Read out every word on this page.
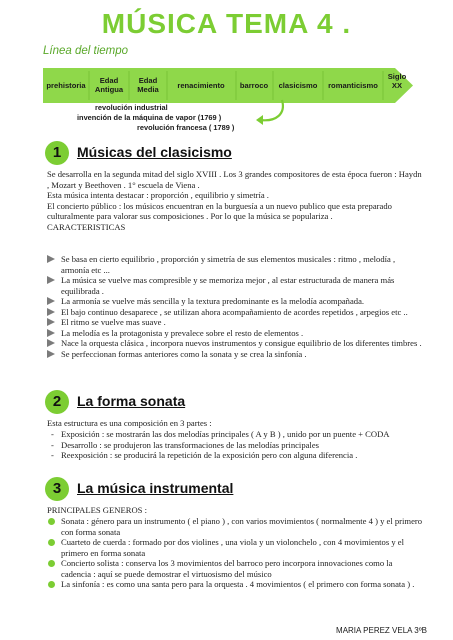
MÚSICA TEMA 4 .
Línea del tiempo
prehistoria
Edad
Antigua
Edad
Media renacimiento barroco clasicismo romanticismo
Siglo
XX
revolución industrial
invención de la máquina de vapor (1769 )
revolución francesa ( 1789 )
1	Músicas del clasicismo

Se desarrolla en la segunda mitad del siglo XVIII . Los 3 grandes compositores de esta época fueron : Haydn , Mozart y Beethoven . 1° escuela de Viena .

Esta música intenta destacar : proporción , equilibrio y simetría .

El concierto público : los músicos encuentran en la burguesía a un nuevo publico que esta preparado culturalmente para valorar sus composiciones . Por lo que la música se populariza .

CARACTERISTICAS

Se basa en cierto equilibrio , proporción y simetría de sus elementos musicales : ritmo , melodía , armonía etc ...
La música se vuelve mas compresible y se memoriza mejor , al estar estructurada de manera más equilibrada .
La armonía se vuelve más sencilla y la textura predominante es la melodía acompañada.
El bajo continuo desaparece , se utilizan ahora acompañamiento de acordes repetidos , arpegios etc ..
El ritmo se vuelve mas suave .
La melodía es la protagonista y prevalece sobre el resto de elementos .
Nace la orquesta clásica , incorpora nuevos instrumentos y consigue equilibrio de los diferentes timbres .
Se perfeccionan formas anteriores como la sonata y se crea la sinfonía .
2	La forma sonata
Esta estructura es una composición en 3 partes :
- Exposición : se mostrarán las dos melodías principales ( A y B ) , unido por un puente + CODA
- Desarrollo : se produjeron las transformaciones de las melodías principales
- Reexposición : se producirá la repetición de la exposición pero con alguna diferencia .
3	La música instrumental
PRINCIPALES GENEROS :
Sonata : género para un instrumento ( el piano ) , con varios movimientos ( normalmente 4 ) y el primero con forma sonata
Cuarteto de cuerda : formado por dos violines , una viola y un violonchelo , con 4 movimientos y el primero en forma sonata
Concierto solista : conserva los 3 movimientos del barroco pero incorpora innovaciones como la cadencia : aquí se puede demostrar el virtuosismo del músico
La sinfonía : es como una santa pero para la orquesta . 4 movimientos ( el primero con forma sonata ) .
MARIA PEREZ VELA 3ºB
